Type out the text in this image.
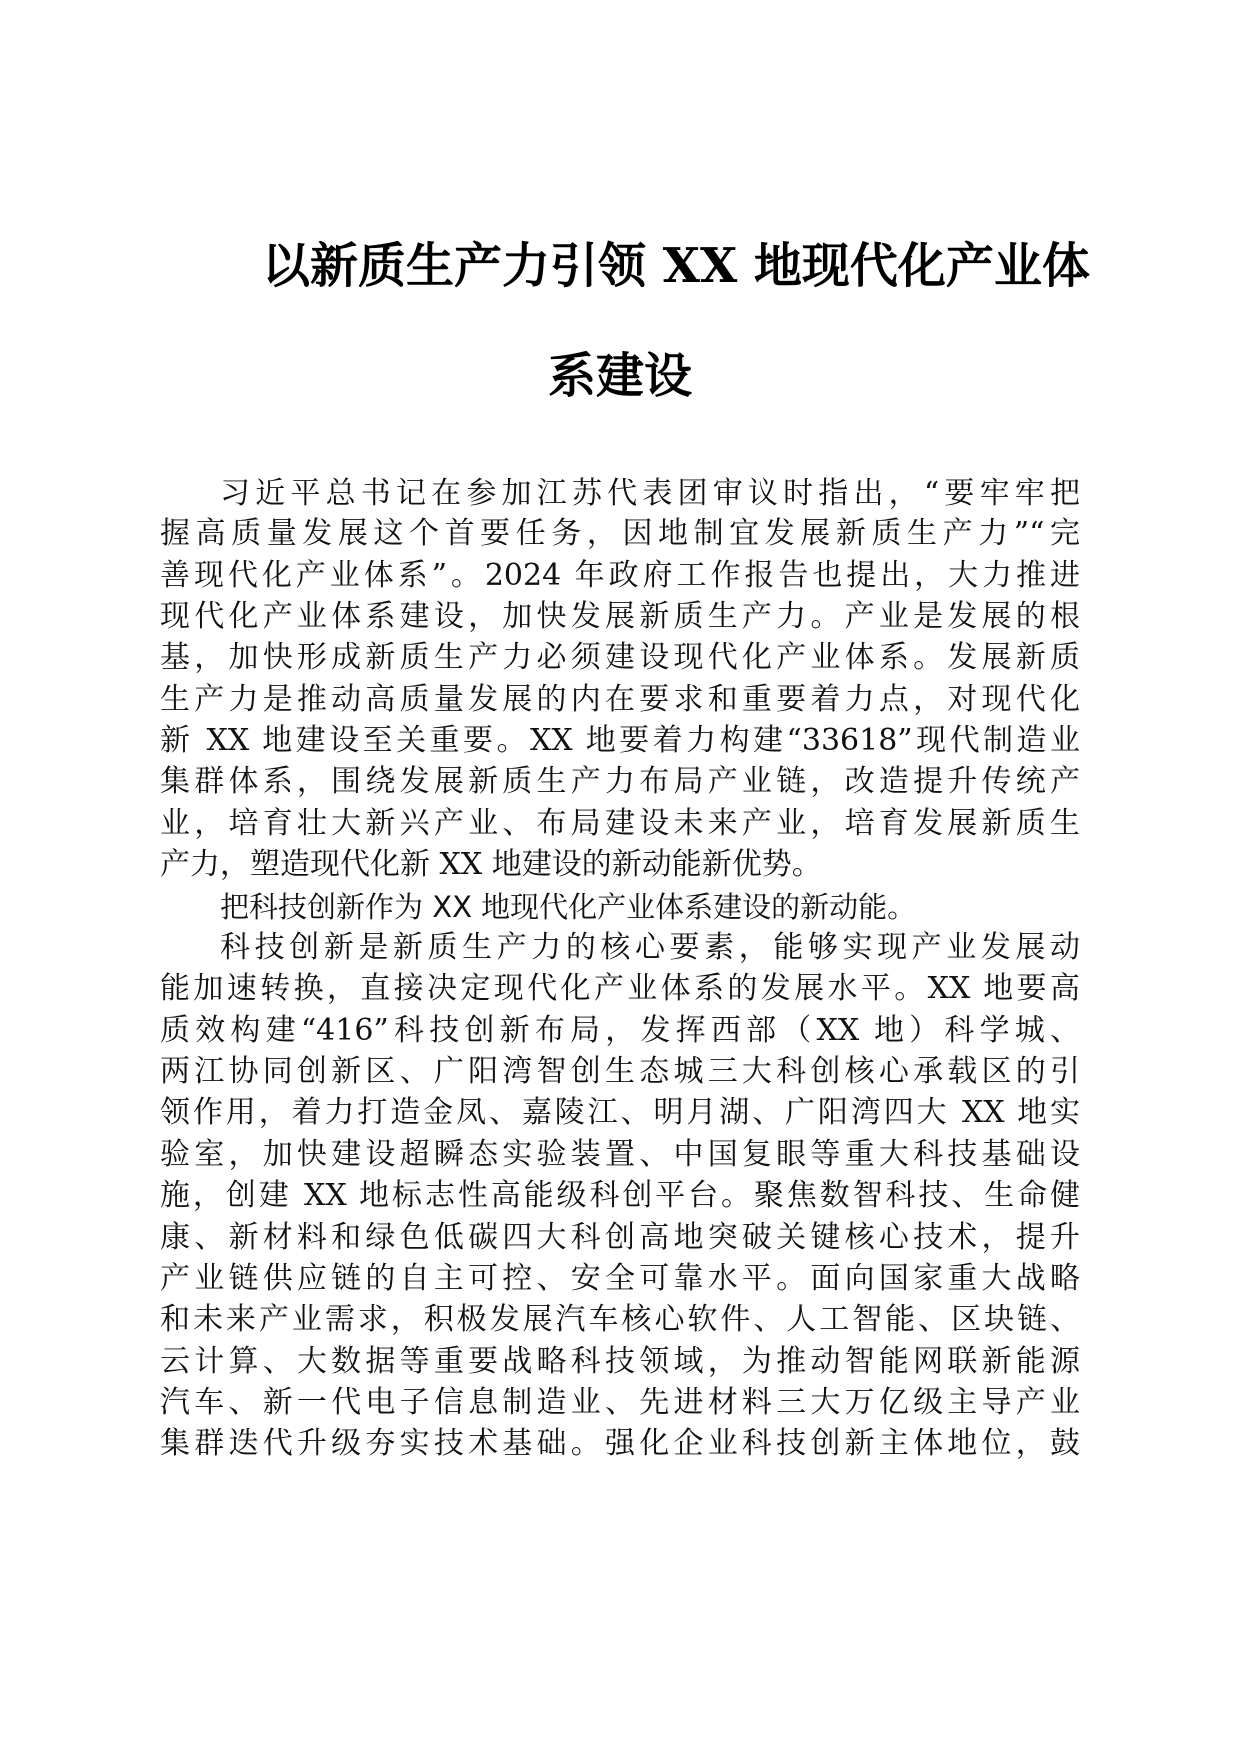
以新质生产力引领 XX 地现代化产业体
系建设

习近平总书记在参加江苏代表团审议时指出，“要牢牢把

握高质量发展这个首要任务，因地制宜发展新质生产力”“完

善现代化产业体系”。2024 年政府工作报告也提出，大力推进

现代化产业体系建设，加快发展新质生产力。产业是发展的根

基，加快形成新质生产力必须建设现代化产业体系。发展新质

生产力是推动高质量发展的内在要求和重要着力点，对现代化

新 XX 地建设至关重要。XX 地要着力构建“33618”现代制造业

集群体系，围绕发展新质生产力布局产业链，改造提升传统产

业，培育壮大新兴产业、布局建设未来产业，培育发展新质生

产力，塑造现代化新 XX 地建设的新动能新优势。

把科技创新作为 XX 地现代化产业体系建设的新动能。

科技创新是新质生产力的核心要素，能够实现产业发展动

能加速转换，直接决定现代化产业体系的发展水平。XX 地要高

质效构建“416”科技创新布局，发挥西部（XX 地）科学城、

两江协同创新区、广阳湾智创生态城三大科创核心承载区的引

领作用，着力打造金凤、嘉陵江、明月湖、广阳湾四大 XX 地实

验室，加快建设超瞬态实验装置、中国复眼等重大科技基础设

施，创建 XX 地标志性高能级科创平台。聚焦数智科技、生命健

康、新材料和绿色低碳四大科创高地突破关键核心技术，提升

产业链供应链的自主可控、安全可靠水平。面向国家重大战略

和未来产业需求，积极发展汽车核心软件、人工智能、区块链、

云计算、大数据等重要战略科技领域，为推动智能网联新能源

汽车、新一代电子信息制造业、先进材料三大万亿级主导产业

集群迭代升级夯实技术基础。强化企业科技创新主体地位，鼓
